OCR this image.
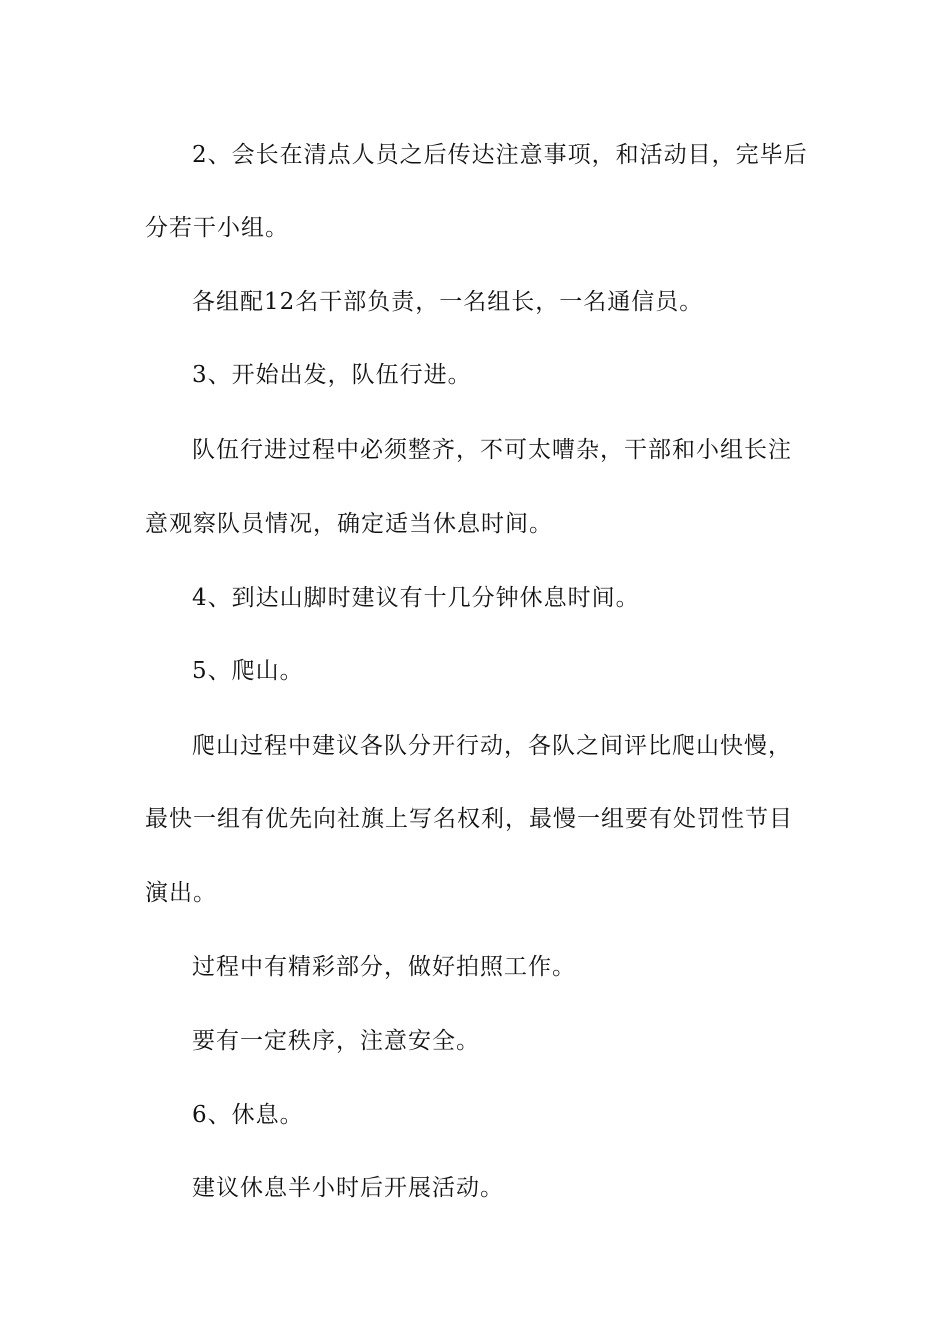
2、会长在清点人员之后传达注意事项，和活动目，完毕后
分若干小组。
各组配12名干部负责，一名组长，一名通信员。
3、开始出发，队伍行进。
队伍行进过程中必须整齐，不可太嘈杂，干部和小组长注
意观察队员情况，确定适当休息时间。
4、到达山脚时建议有十几分钟休息时间。
5、爬山。
爬山过程中建议各队分开行动，各队之间评比爬山快慢，
最快一组有优先向社旗上写名权利，最慢一组要有处罚性节目
演出。
过程中有精彩部分，做好拍照工作。
要有一定秩序，注意安全。
6、休息。
建议休息半小时后开展活动。
